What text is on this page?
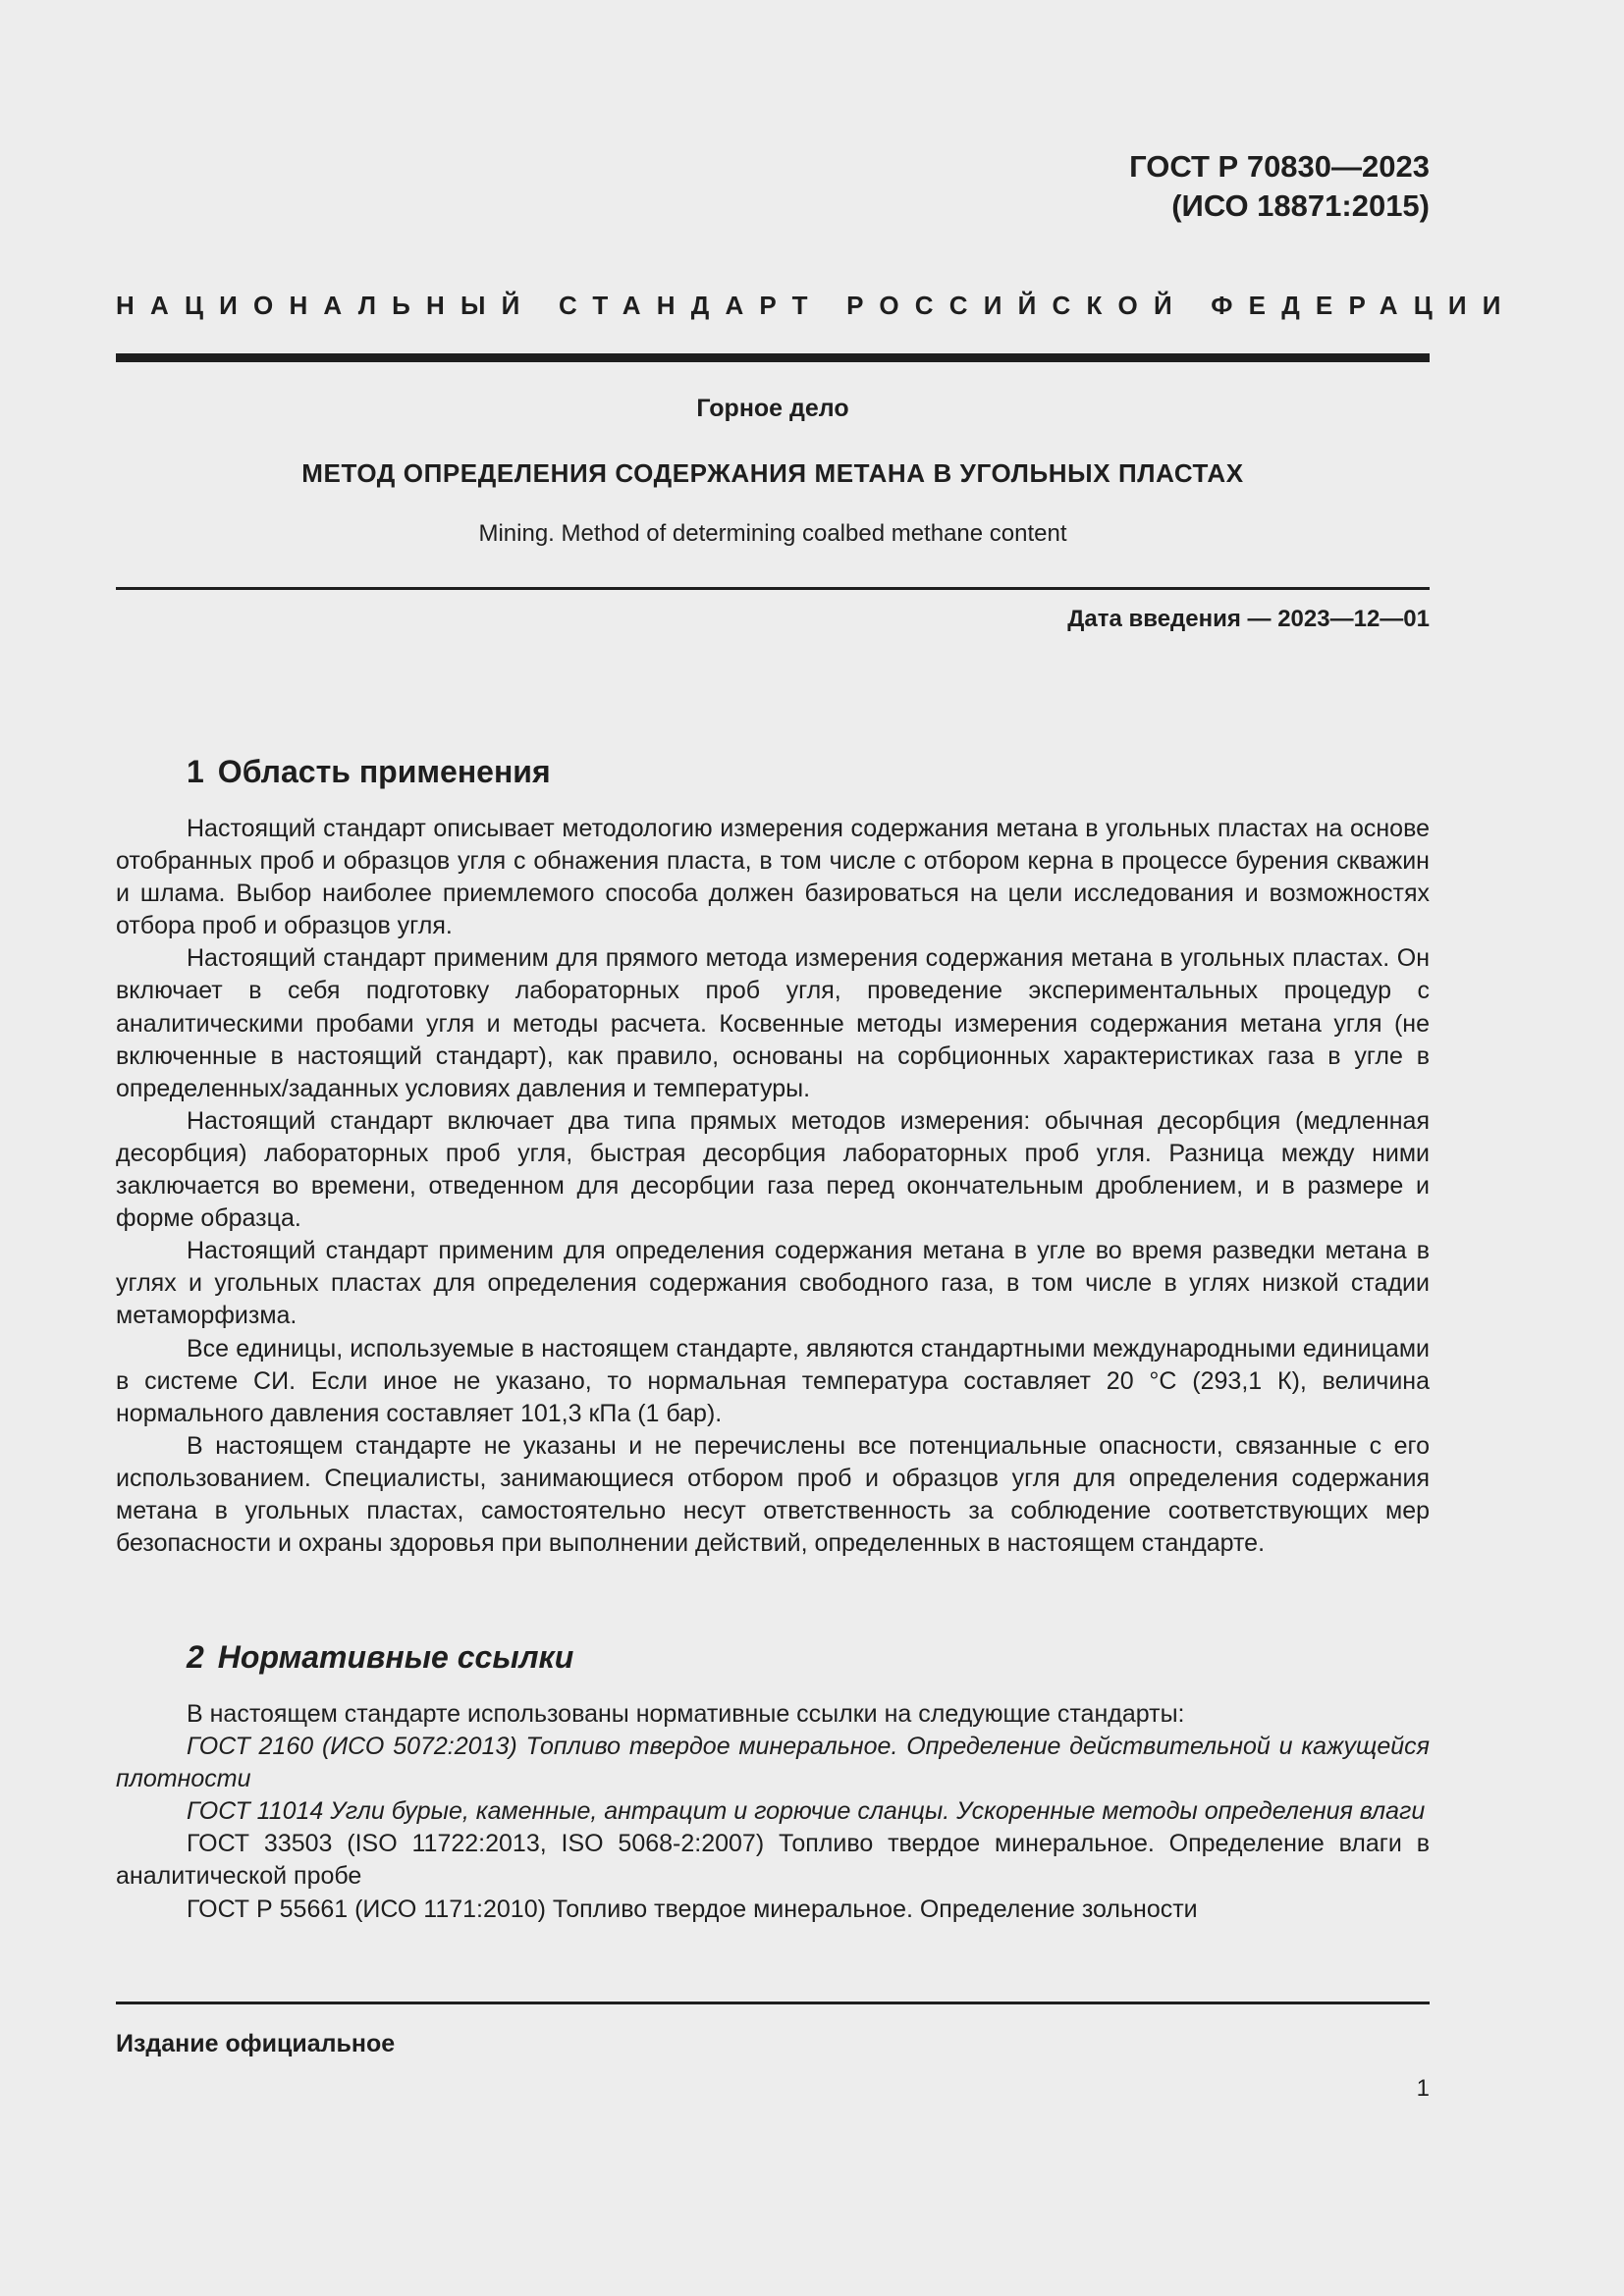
ГОСТ Р 70830—2023
(ИСО 18871:2015)
НАЦИОНАЛЬНЫЙ СТАНДАРТ РОССИЙСКОЙ ФЕДЕРАЦИИ
Горное дело
МЕТОД ОПРЕДЕЛЕНИЯ СОДЕРЖАНИЯ МЕТАНА В УГОЛЬНЫХ ПЛАСТАХ
Mining. Method of determining coalbed methane content
Дата введения — 2023—12—01
1 Область применения

Настоящий стандарт описывает методологию измерения содержания метана в угольных пластах на основе отобранных проб и образцов угля с обнажения пласта, в том числе с отбором керна в процессе бурения скважин и шлама. Выбор наиболее приемлемого способа должен базироваться на цели исследования и возможностях отбора проб и образцов угля.

Настоящий стандарт применим для прямого метода измерения содержания метана в угольных пластах. Он включает в себя подготовку лабораторных проб угля, проведение экспериментальных процедур с аналитическими пробами угля и методы расчета. Косвенные методы измерения содержания метана угля (не включенные в настоящий стандарт), как правило, основаны на сорбционных характеристиках газа в угле в определенных/заданных условиях давления и температуры.

Настоящий стандарт включает два типа прямых методов измерения: обычная десорбция (медленная десорбция) лабораторных проб угля, быстрая десорбция лабораторных проб угля. Разница между ними заключается во времени, отведенном для десорбции газа перед окончательным дроблением, и в размере и форме образца.

Настоящий стандарт применим для определения содержания метана в угле во время разведки метана в углях и угольных пластах для определения содержания свободного газа, в том числе в углях низкой стадии метаморфизма.

Все единицы, используемые в настоящем стандарте, являются стандартными международными единицами в системе СИ. Если иное не указано, то нормальная температура составляет 20 °С (293,1 К), величина нормального давления составляет 101,3 кПа (1 бар).

В настоящем стандарте не указаны и не перечислены все потенциальные опасности, связанные с его использованием. Специалисты, занимающиеся отбором проб и образцов угля для определения содержания метана в угольных пластах, самостоятельно несут ответственность за соблюдение соответствующих мер безопасности и охраны здоровья при выполнении действий, определенных в настоящем стандарте.

2 Нормативные ссылки

В настоящем стандарте использованы нормативные ссылки на следующие стандарты:

ГОСТ 2160 (ИСО 5072:2013) Топливо твердое минеральное. Определение действительной и кажущейся плотности

ГОСТ 11014 Угли бурые, каменные, антрацит и горючие сланцы. Ускоренные методы определения влаги

ГОСТ 33503 (ISO 11722:2013, ISO 5068-2:2007) Топливо твердое минеральное. Определение влаги в аналитической пробе

ГОСТ Р 55661 (ИСО 1171:2010) Топливо твердое минеральное. Определение зольности

Издание официальное
1
